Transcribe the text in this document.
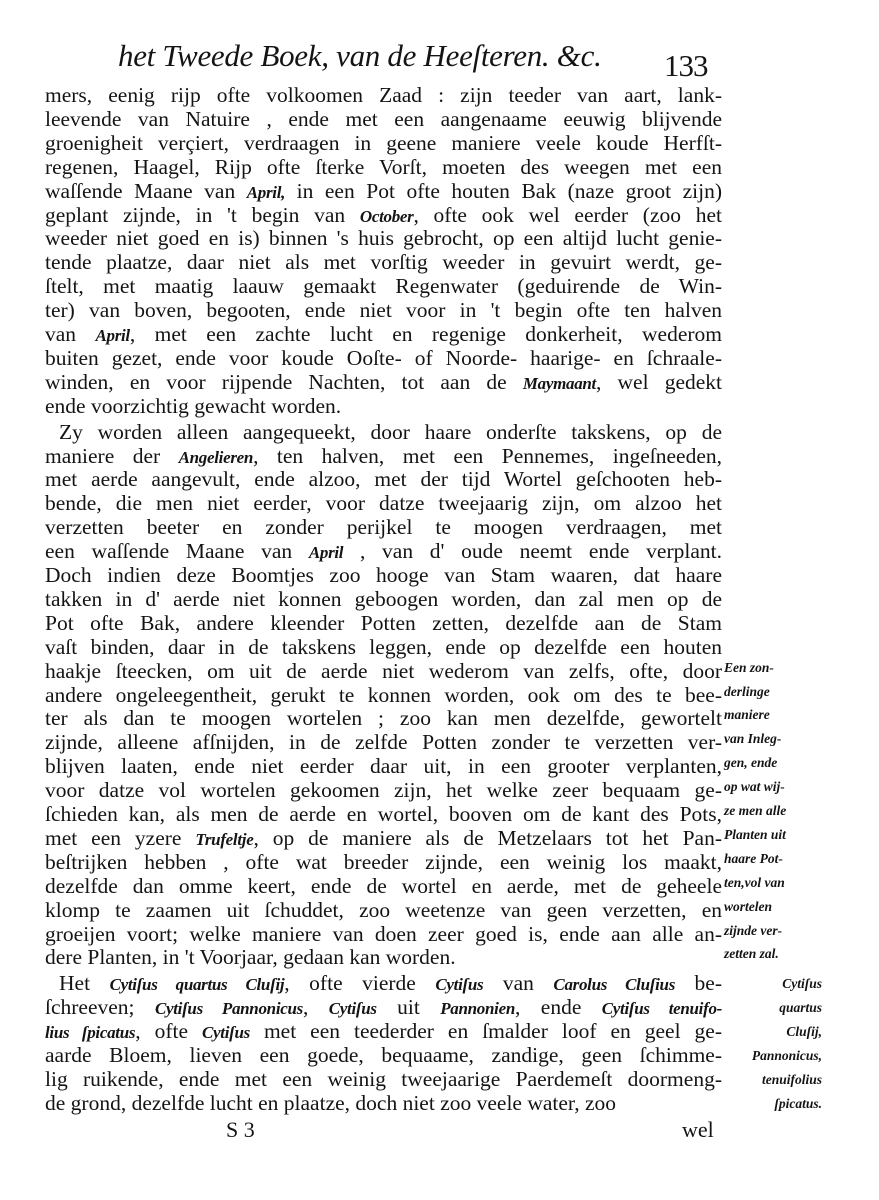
het Tweede Boek, van de Heeſteren. &c. 133
mers, eenig rijp ofte volkoomen Zaad : zijn teeder van aart, lank-
leevende van Natuire , ende met een aangenaame eeuwig blijvende
groenigheit verçiert, verdraagen in geene maniere veele koude Herfſt-
regenen, Haagel, Rijp ofte ſterke Vorſt, moeten des weegen met een
waſſende Maane van April, in een Pot ofte houten Bak (naze groot zijn)
geplant zijnde, in 't begin van October, ofte ook wel eerder (zoo het
weeder niet goed en is) binnen 's huis gebrocht, op een altijd lucht genie-
tende plaatze, daar niet als met vorſtig weeder in gevuirt werdt, ge-
ſtelt, met maatig laauw gemaakt Regenwater (geduirende de Win-
ter) van boven, begooten, ende niet voor in 't begin ofte ten halven
van April, met een zachte lucht en regenige donkerheit, wederom
buiten gezet, ende voor koude Ooſte- of Noorde- haarige- en ſchraale-
winden, en voor rijpende Nachten, tot aan de Maymaant, wel gedekt
ende voorzichtig gewacht worden.
Zy worden alleen aangequeekt, door haare onderſte takskens, op de
maniere der Angelieren, ten halven, met een Pennemes, ingeſneeden,
met aerde aangevult, ende alzoo, met der tijd Wortel geſchooten heb-
bende, die men niet eerder, voor datze tweejaarig zijn, om alzoo het
verzetten beeter en zonder perijkel te moogen verdraagen, met
een waſſende Maane van April , van d' oude neemt ende verplant.
Doch indien deze Boomtjes zoo hooge van Stam waaren, dat haare
takken in d' aerde niet konnen geboogen worden, dan zal men op de
Pot ofte Bak, andere kleender Potten zetten, dezelfde aan de Stam
vaſt binden, daar in de takskens leggen, ende op dezelfde een houten
haakje ſteecken, om uit de aerde niet wederom van zelfs, ofte, door
andere ongeleegentheit, gerukt te konnen worden, ook om des te bee-
ter als dan te moogen wortelen ; zoo kan men dezelfde, gewortelt
zijnde, alleene afſnijden, in de zelfde Potten zonder te verzetten ver-
blijven laaten, ende niet eerder daar uit, in een grooter verplanten,
voor datze vol wortelen gekoomen zijn, het welke zeer bequaam ge-
ſchieden kan, als men de aerde en wortel, booven om de kant des Pots,
met een yzere Trufeltje, op de maniere als de Metzelaars tot het Pan-
beſtrijken hebben , ofte wat breeder zijnde, een weinig los maakt,
dezelfde dan omme keert, ende de wortel en aerde, met de geheele
klomp te zaamen uit ſchuddet, zoo weetenze van geen verzetten, en
groeijen voort; welke maniere van doen zeer goed is, ende aan alle an-
dere Planten, in 't Voorjaar, gedaan kan worden.
Het Cytiſus quartus Cluſij, ofte vierde Cytiſus van Carolus Cluſius be-
ſchreeven; Cytiſus Pannonicus, Cytiſus uit Pannonien, ende Cytiſus tenuifo-
lius ſpicatus, ofte Cytiſus met een teederder en ſmalder loof en geel ge-
aarde Bloem, lieven een goede, bequaame, zandige, geen ſchimme-
lig ruikende, ende met een weinig tweejaarige Paerdemeſt doormeng-
de grond, dezelfde lucht en plaatze, doch niet zoo veele water, zoo
Een zon-
derlinge
maniere
van Inleg-
gen, ende
op wat wij-
ze men alle
Planten uit
haare Pot-
ten,vol van
wortelen
zijnde ver-
zetten zal.
Cytiſus
quartus
Cluſij,
Pannonicus,
tenuifolius
ſpicatus.
S 3	wel
